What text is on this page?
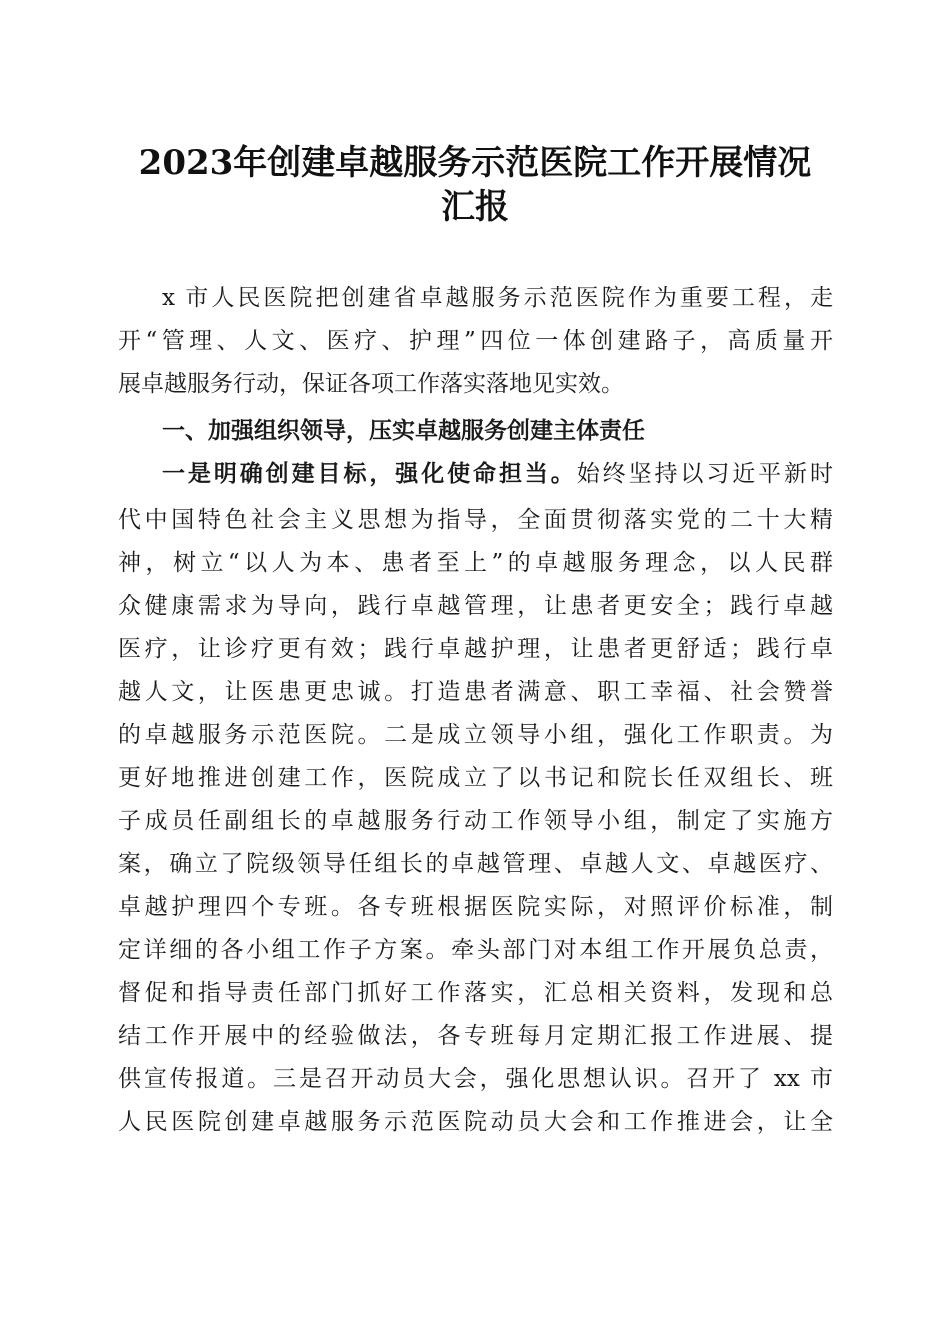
2023年创建卓越服务示范医院工作开展情况
汇报

x 市人民医院把创建省卓越服务示范医院作为重要工程，走

开“管理、人文、医疗、护理”四位一体创建路子，高质量开

展卓越服务行动，保证各项工作落实落地见实效。

一、加强组织领导，压实卓越服务创建主体责任

一是明确创建目标，强化使命担当。始终坚持以习近平新时

代中国特色社会主义思想为指导，全面贯彻落实党的二十大精

神，树立“以人为本、患者至上”的卓越服务理念，以人民群

众健康需求为导向，践行卓越管理，让患者更安全；践行卓越

医疗，让诊疗更有效；践行卓越护理，让患者更舒适；践行卓

越人文，让医患更忠诚。打造患者满意、职工幸福、社会赞誉

的卓越服务示范医院。二是成立领导小组，强化工作职责。为

更好地推进创建工作，医院成立了以书记和院长任双组长、班

子成员任副组长的卓越服务行动工作领导小组，制定了实施方

案，确立了院级领导任组长的卓越管理、卓越人文、卓越医疗、

卓越护理四个专班。各专班根据医院实际，对照评价标准，制

定详细的各小组工作子方案。牵头部门对本组工作开展负总责，

督促和指导责任部门抓好工作落实，汇总相关资料，发现和总

结工作开展中的经验做法，各专班每月定期汇报工作进展、提

供宣传报道。三是召开动员大会，强化思想认识。召开了 xx 市

人民医院创建卓越服务示范医院动员大会和工作推进会，让全
